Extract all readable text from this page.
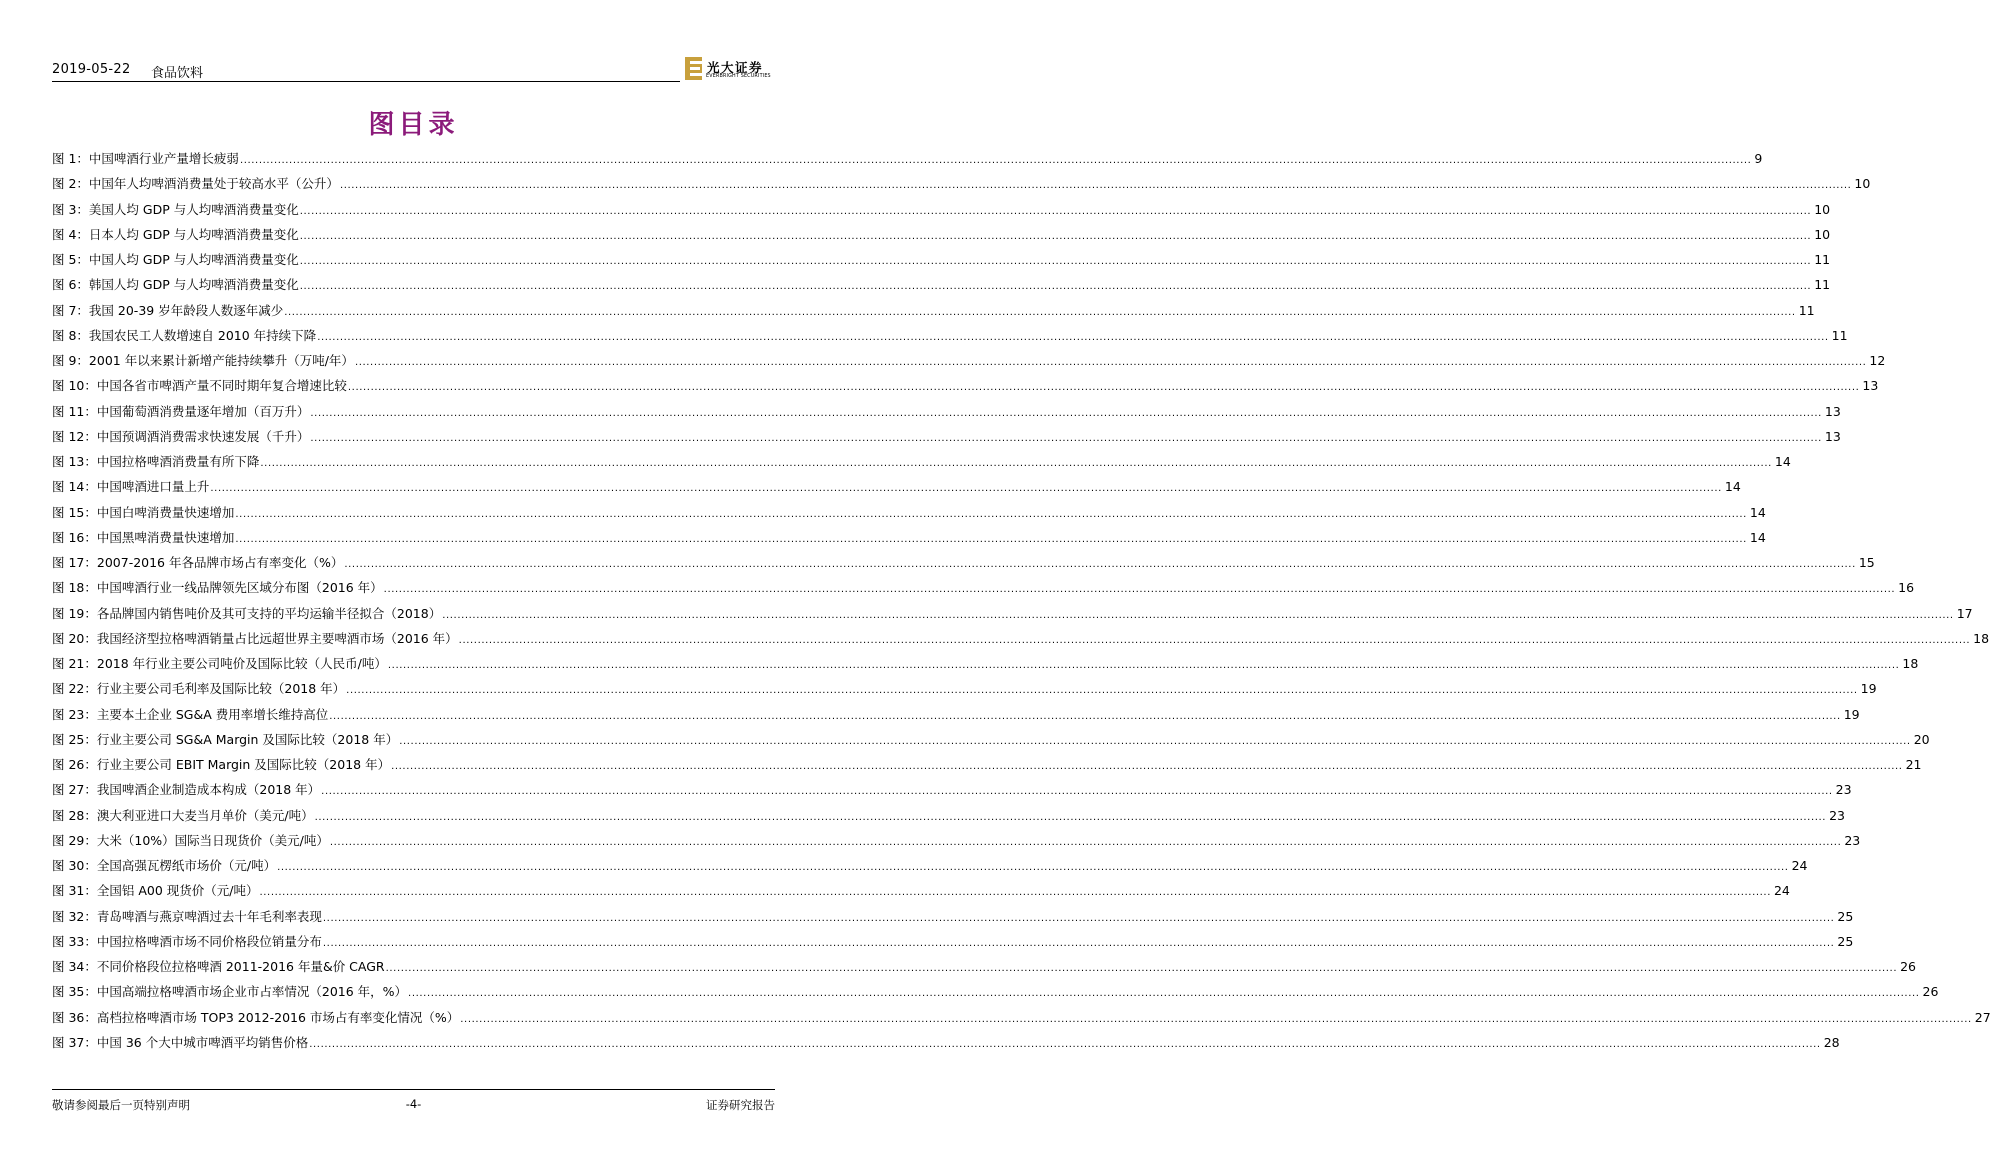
2019-05-22 食品饮料	光大证券
EVERBRIGHT SECURITIES
图目录
图 1：中国啤酒行业产量增长疲弱 ................................................................................................................................................................................................................................................................................................................................................................................................................ 9
图 2：中国年人均啤酒消费量处于较高水平（公升） ................................................................................................................................................................................................................................................................................................................................................................................................................ 10
图 3：美国人均 GDP 与人均啤酒消费量变化 ................................................................................................................................................................................................................................................................................................................................................................................................................ 10
图 4：日本人均 GDP 与人均啤酒消费量变化 ................................................................................................................................................................................................................................................................................................................................................................................................................ 10
图 5：中国人均 GDP 与人均啤酒消费量变化 ................................................................................................................................................................................................................................................................................................................................................................................................................ 11
图 6：韩国人均 GDP 与人均啤酒消费量变化 ................................................................................................................................................................................................................................................................................................................................................................................................................ 11
图 7：我国 20-39 岁年龄段人数逐年减少 ................................................................................................................................................................................................................................................................................................................................................................................................................ 11
图 8：我国农民工人数增速自 2010 年持续下降 ................................................................................................................................................................................................................................................................................................................................................................................................................ 11
图 9：2001 年以来累计新增产能持续攀升（万吨/年） ................................................................................................................................................................................................................................................................................................................................................................................................................ 12
图 10：中国各省市啤酒产量不同时期年复合增速比较 ................................................................................................................................................................................................................................................................................................................................................................................................................ 13
图 11：中国葡萄酒消费量逐年增加（百万升） ................................................................................................................................................................................................................................................................................................................................................................................................................ 13
图 12：中国预调酒消费需求快速发展（千升） ................................................................................................................................................................................................................................................................................................................................................................................................................ 13
图 13：中国拉格啤酒消费量有所下降 ................................................................................................................................................................................................................................................................................................................................................................................................................ 14
图 14：中国啤酒进口量上升 ................................................................................................................................................................................................................................................................................................................................................................................................................ 14
图 15：中国白啤消费量快速增加 ................................................................................................................................................................................................................................................................................................................................................................................................................ 14
图 16：中国黑啤消费量快速增加 ................................................................................................................................................................................................................................................................................................................................................................................................................ 14
图 17：2007-2016 年各品牌市场占有率变化（%） ................................................................................................................................................................................................................................................................................................................................................................................................................ 15
图 18：中国啤酒行业一线品牌领先区域分布图（2016 年） ................................................................................................................................................................................................................................................................................................................................................................................................................ 16
图 19：各品牌国内销售吨价及其可支持的平均运输半径拟合（2018） ................................................................................................................................................................................................................................................................................................................................................................................................................ 17
图 20：我国经济型拉格啤酒销量占比远超世界主要啤酒市场（2016 年） ................................................................................................................................................................................................................................................................................................................................................................................................................ 18
图 21：2018 年行业主要公司吨价及国际比较（人民币/吨） ................................................................................................................................................................................................................................................................................................................................................................................................................ 18
图 22：行业主要公司毛利率及国际比较（2018 年） ................................................................................................................................................................................................................................................................................................................................................................................................................ 19
图 23：主要本土企业 SG&A 费用率增长维持高位 ................................................................................................................................................................................................................................................................................................................................................................................................................ 19
图 25：行业主要公司 SG&A Margin 及国际比较（2018 年） ................................................................................................................................................................................................................................................................................................................................................................................................................ 20
图 26：行业主要公司 EBIT Margin 及国际比较（2018 年） ................................................................................................................................................................................................................................................................................................................................................................................................................ 21
图 27：我国啤酒企业制造成本构成（2018 年） ................................................................................................................................................................................................................................................................................................................................................................................................................ 23
图 28：澳大利亚进口大麦当月单价（美元/吨） ................................................................................................................................................................................................................................................................................................................................................................................................................ 23
图 29：大米（10%）国际当日现货价（美元/吨） ................................................................................................................................................................................................................................................................................................................................................................................................................ 23
图 30：全国高强瓦楞纸市场价（元/吨） ................................................................................................................................................................................................................................................................................................................................................................................................................ 24
图 31：全国铝 A00 现货价（元/吨） ................................................................................................................................................................................................................................................................................................................................................................................................................ 24
图 32：青岛啤酒与燕京啤酒过去十年毛利率表现 ................................................................................................................................................................................................................................................................................................................................................................................................................ 25
图 33：中国拉格啤酒市场不同价格段位销量分布 ................................................................................................................................................................................................................................................................................................................................................................................................................ 25
图 34：不同价格段位拉格啤酒 2011-2016 年量&价 CAGR ................................................................................................................................................................................................................................................................................................................................................................................................................ 26
图 35：中国高端拉格啤酒市场企业市占率情况（2016 年，%） ................................................................................................................................................................................................................................................................................................................................................................................................................ 26
图 36：高档拉格啤酒市场 TOP3 2012-2016 市场占有率变化情况（%） ................................................................................................................................................................................................................................................................................................................................................................................................................ 27
图 37：中国 36 个大中城市啤酒平均销售价格 ................................................................................................................................................................................................................................................................................................................................................................................................................ 28
敬请参阅最后一页特别声明	-4-	证券研究报告
